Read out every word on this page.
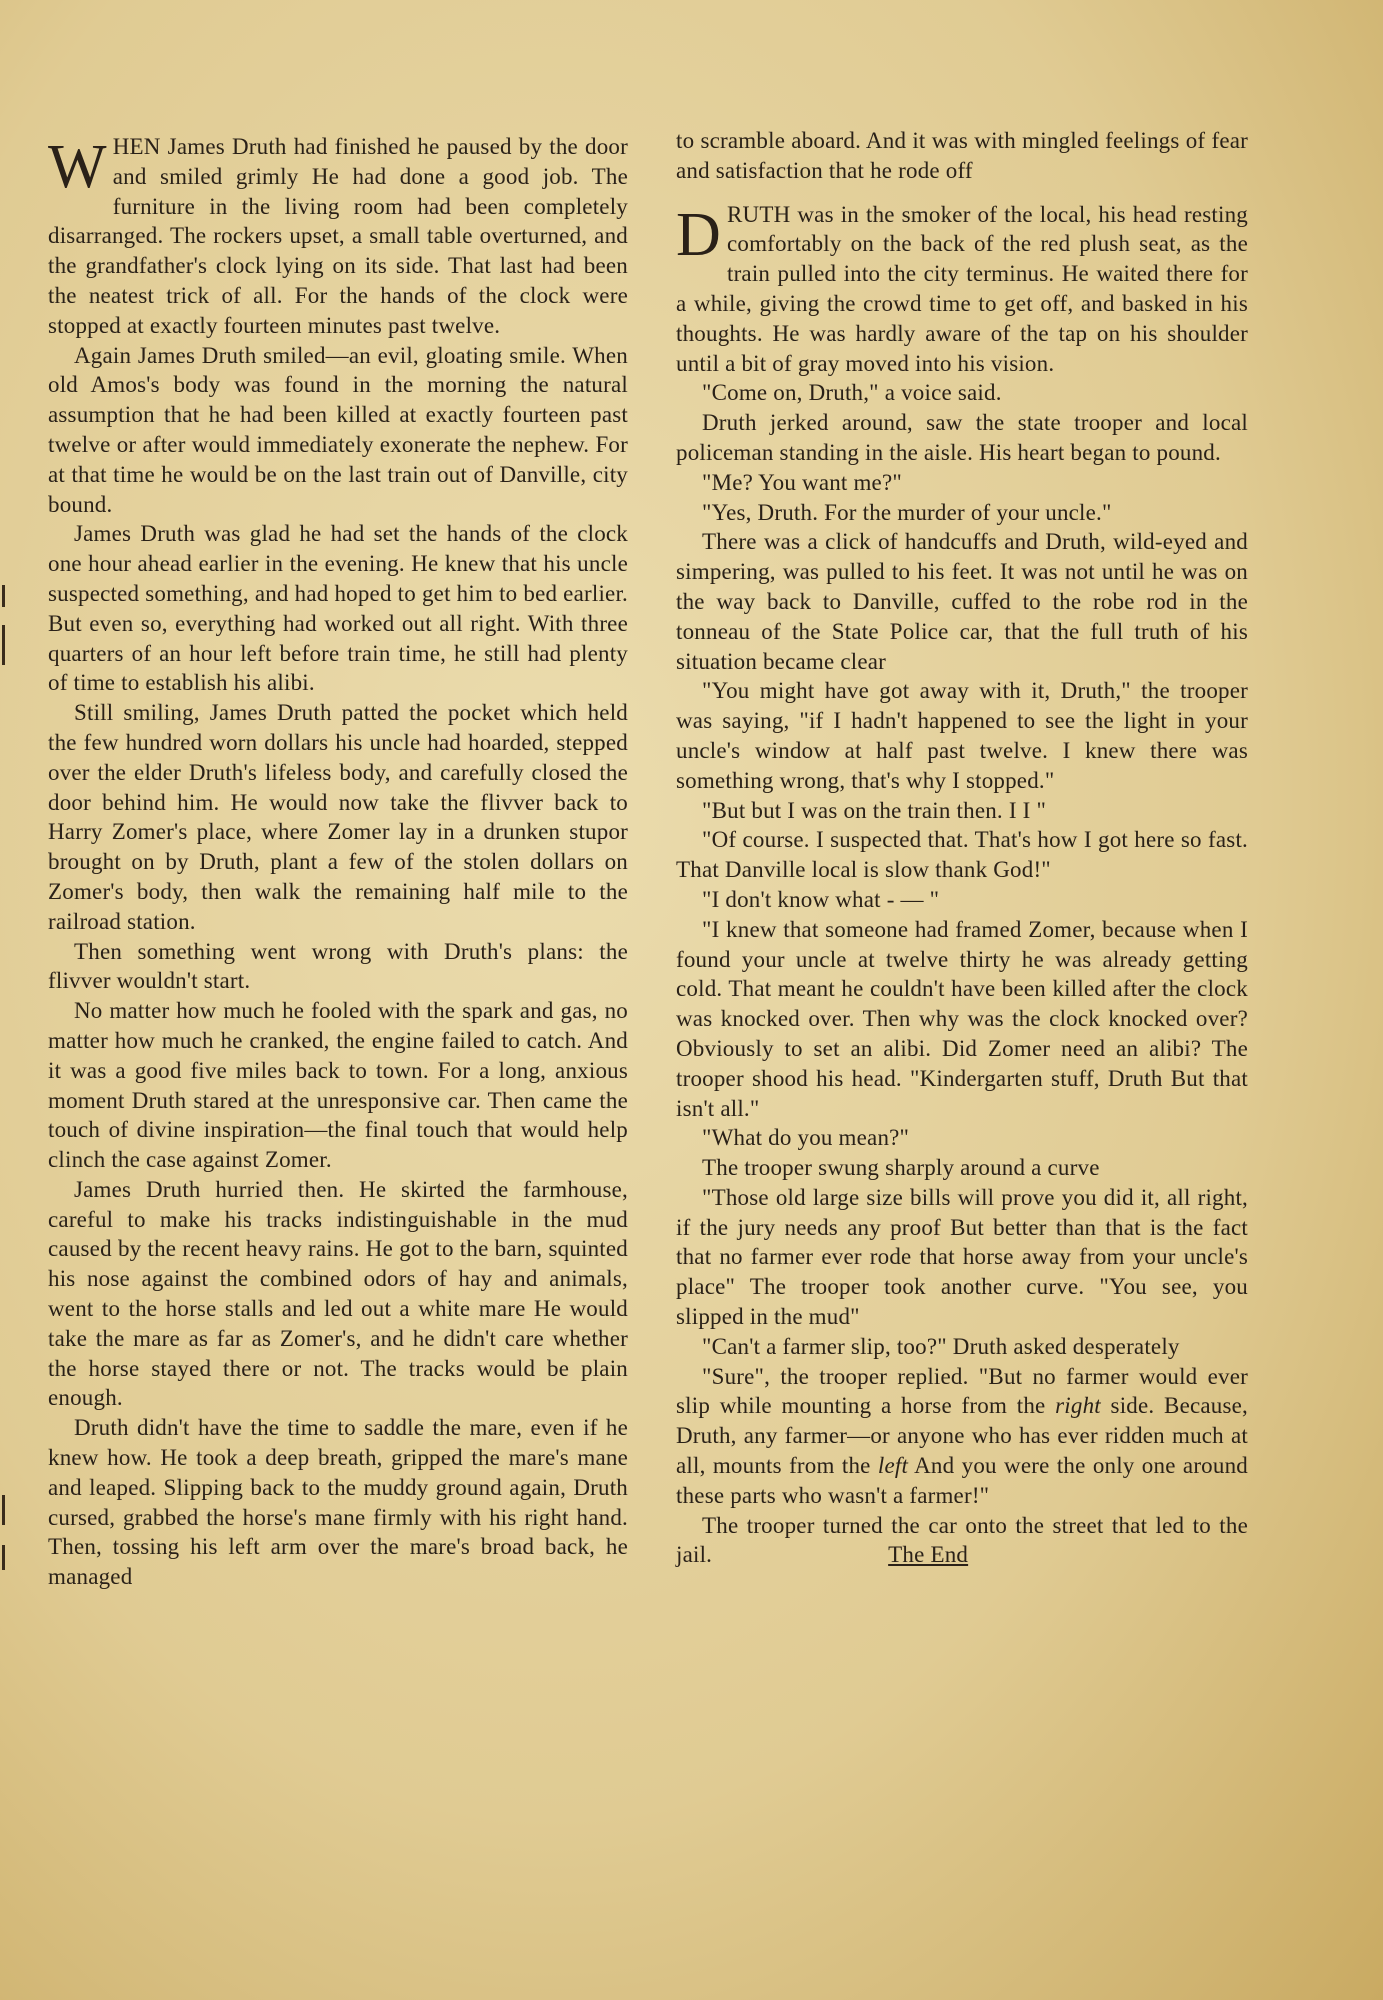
WHEN James Druth had finished he paused by the door and smiled grimly He had done a good job. The furniture in the living room had been completely disarranged. The rockers upset, a small table overturned, and the grandfather's clock lying on its side. That last had been the neatest trick of all. For the hands of the clock were stopped at exactly fourteen minutes past twelve.

Again James Druth smiled—an evil, gloating smile. When old Amos's body was found in the morning the natural assumption that he had been killed at exactly fourteen past twelve or after would immediately exonerate the nephew. For at that time he would be on the last train out of Danville, city bound.

James Druth was glad he had set the hands of the clock one hour ahead earlier in the evening. He knew that his uncle suspected something, and had hoped to get him to bed earlier. But even so, everything had worked out all right. With three quarters of an hour left before train time, he still had plenty of time to establish his alibi.

Still smiling, James Druth patted the pocket which held the few hundred worn dollars his uncle had hoarded, stepped over the elder Druth's lifeless body, and carefully closed the door behind him. He would now take the flivver back to Harry Zomer's place, where Zomer lay in a drunken stupor brought on by Druth, plant a few of the stolen dollars on Zomer's body, then walk the remaining half mile to the railroad station.

Then something went wrong with Druth's plans: the flivver wouldn't start.

No matter how much he fooled with the spark and gas, no matter how much he cranked, the engine failed to catch. And it was a good five miles back to town. For a long, anxious moment Druth stared at the unresponsive car. Then came the touch of divine inspiration—the final touch that would help clinch the case against Zomer.

James Druth hurried then. He skirted the farmhouse, careful to make his tracks indistinguishable in the mud caused by the recent heavy rains. He got to the barn, squinted his nose against the combined odors of hay and animals, went to the horse stalls and led out a white mare He would take the mare as far as Zomer's, and he didn't care whether the horse stayed there or not. The tracks would be plain enough.

Druth didn't have the time to saddle the mare, even if he knew how. He took a deep breath, gripped the mare's mane and leaped. Slipping back to the muddy ground again, Druth cursed, grabbed the horse's mane firmly with his right hand. Then, tossing his left arm over the mare's broad back, he managed

to scramble aboard. And it was with mingled feelings of fear and satisfaction that he rode off

DRUTH was in the smoker of the local, his head resting comfortably on the back of the red plush seat, as the train pulled into the city terminus. He waited there for a while, giving the crowd time to get off, and basked in his thoughts. He was hardly aware of the tap on his shoulder until a bit of gray moved into his vision.

"Come on, Druth," a voice said.

Druth jerked around, saw the state trooper and local policeman standing in the aisle. His heart began to pound.

"Me? You want me?"

"Yes, Druth. For the murder of your uncle."

There was a click of handcuffs and Druth, wild-eyed and simpering, was pulled to his feet. It was not until he was on the way back to Danville, cuffed to the robe rod in the tonneau of the State Police car, that the full truth of his situation became clear

"You might have got away with it, Druth," the trooper was saying, "if I hadn't happened to see the light in your uncle's window at half past twelve. I knew there was something wrong, that's why I stopped."

"But but I was on the train then. I I "

"Of course. I suspected that. That's how I got here so fast. That Danville local is slow thank God!"

"I don't know what - — "

"I knew that someone had framed Zomer, because when I found your uncle at twelve thirty he was already getting cold. That meant he couldn't have been killed after the clock was knocked over. Then why was the clock knocked over? Obviously to set an alibi. Did Zomer need an alibi? The trooper shood his head. "Kindergarten stuff, Druth But that isn't all."

"What do you mean?"

The trooper swung sharply around a curve

"Those old large size bills will prove you did it, all right, if the jury needs any proof But better than that is the fact that no farmer ever rode that horse away from your uncle's place" The trooper took another curve. "You see, you slipped in the mud"

"Can't a farmer slip, too?" Druth asked desperately

"Sure", the trooper replied. "But no farmer would ever slip while mounting a horse from the right side. Because, Druth, any farmer—or anyone who has ever ridden much at all, mounts from the left And you were the only one around these parts who wasn't a farmer!"

The trooper turned the car onto the street that led to the jail.	The End
